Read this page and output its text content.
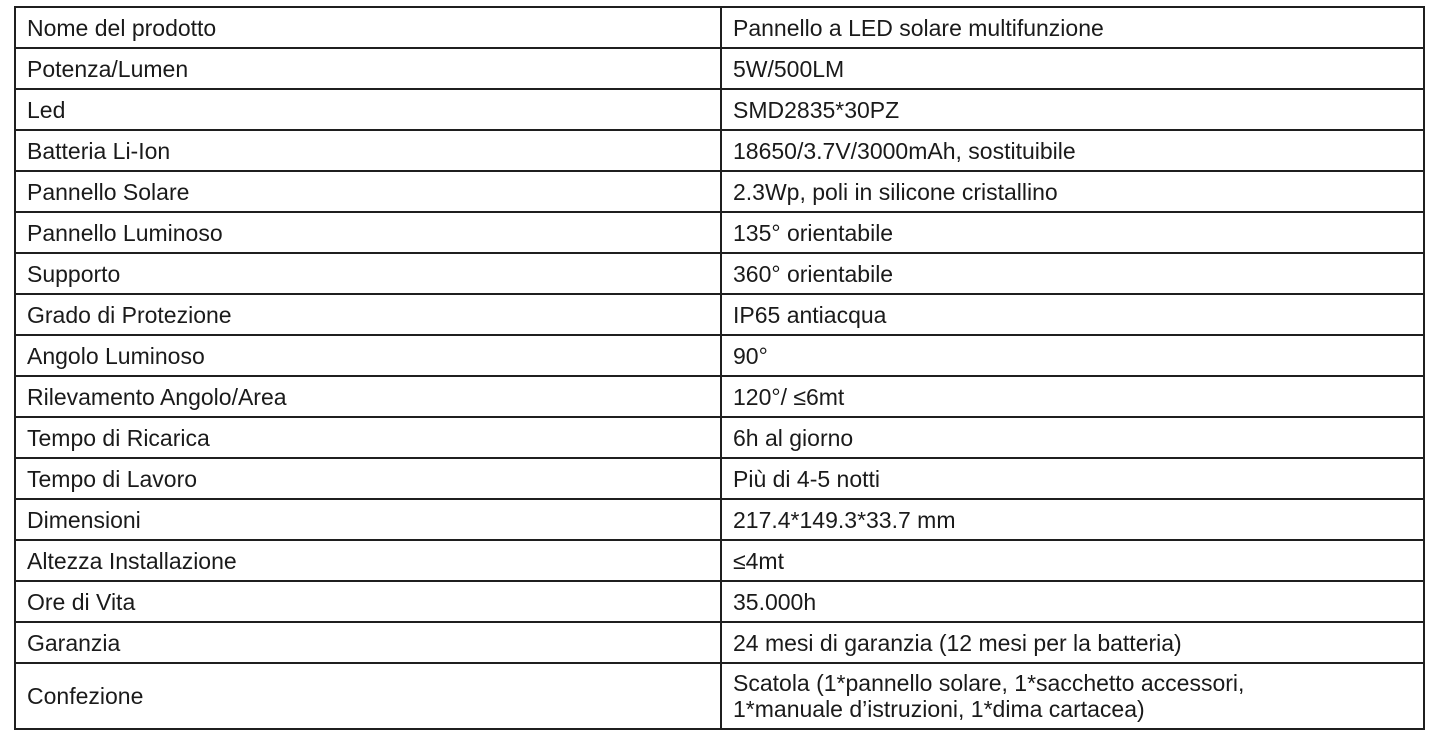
Nome del prodotto	Pannello a LED solare multifunzione
Potenza/Lumen	5W/500LM
Led	SMD2835*30PZ
Batteria Li-Ion	18650/3.7V/3000mAh, sostituibile
Pannello Solare	2.3Wp, poli in silicone cristallino
Pannello Luminoso	135° orientabile
Supporto	360° orientabile
Grado di Protezione	IP65 antiacqua
Angolo Luminoso	90°
Rilevamento Angolo/Area	120°/ ≤6mt
Tempo di Ricarica	6h al giorno
Tempo di Lavoro	Più di 4-5 notti
Dimensioni	217.4*149.3*33.7 mm
Altezza Installazione	≤4mt
Ore di Vita	35.000h
Garanzia	24 mesi di garanzia (12 mesi per la batteria)
Confezione	Scatola (1*pannello solare, 1*sacchetto accessori,
1*manuale d’istruzioni, 1*dima cartacea)
